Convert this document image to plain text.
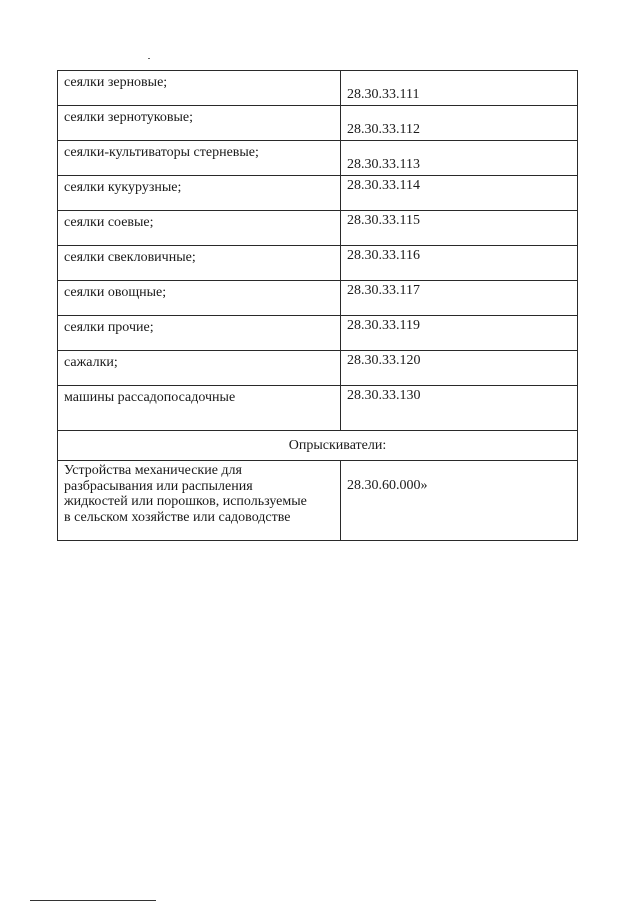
сеялки зерновые;	28.30.33.111

сеялки зернотуковые;	28.30.33.112

сеялки-культиваторы стерневые;	28.30.33.113

сеялки кукурузные;	28.30.33.114

сеялки соевые;	28.30.33.115

сеялки свекловичные;	28.30.33.116

сеялки овощные;	28.30.33.117

сеялки прочие;	28.30.33.119

сажалки;	28.30.33.120

машины рассадопосадочные	28.30.33.130

Опрыскиватели:	

Устройства механические для
разбрасывания или распыления
жидкостей или порошков, используемые
в сельском хозяйстве или садоводстве	28.30.60.000»
